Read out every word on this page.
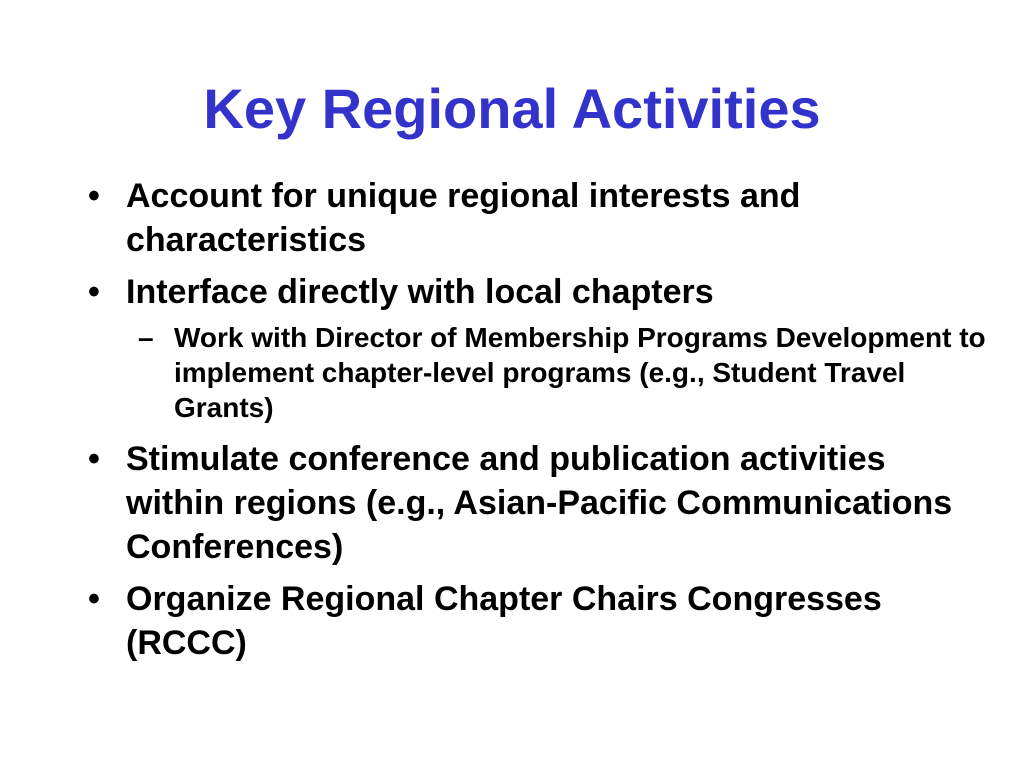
Key Regional Activities
• Account for unique regional interests and characteristics
• Interface directly with local chapters
– Work with Director of Membership Programs Development to implement chapter-level programs (e.g., Student Travel Grants)
• Stimulate conference and publication activities within regions (e.g., Asian-Pacific Communications Conferences)
• Organize Regional Chapter Chairs Congresses (RCCC)
